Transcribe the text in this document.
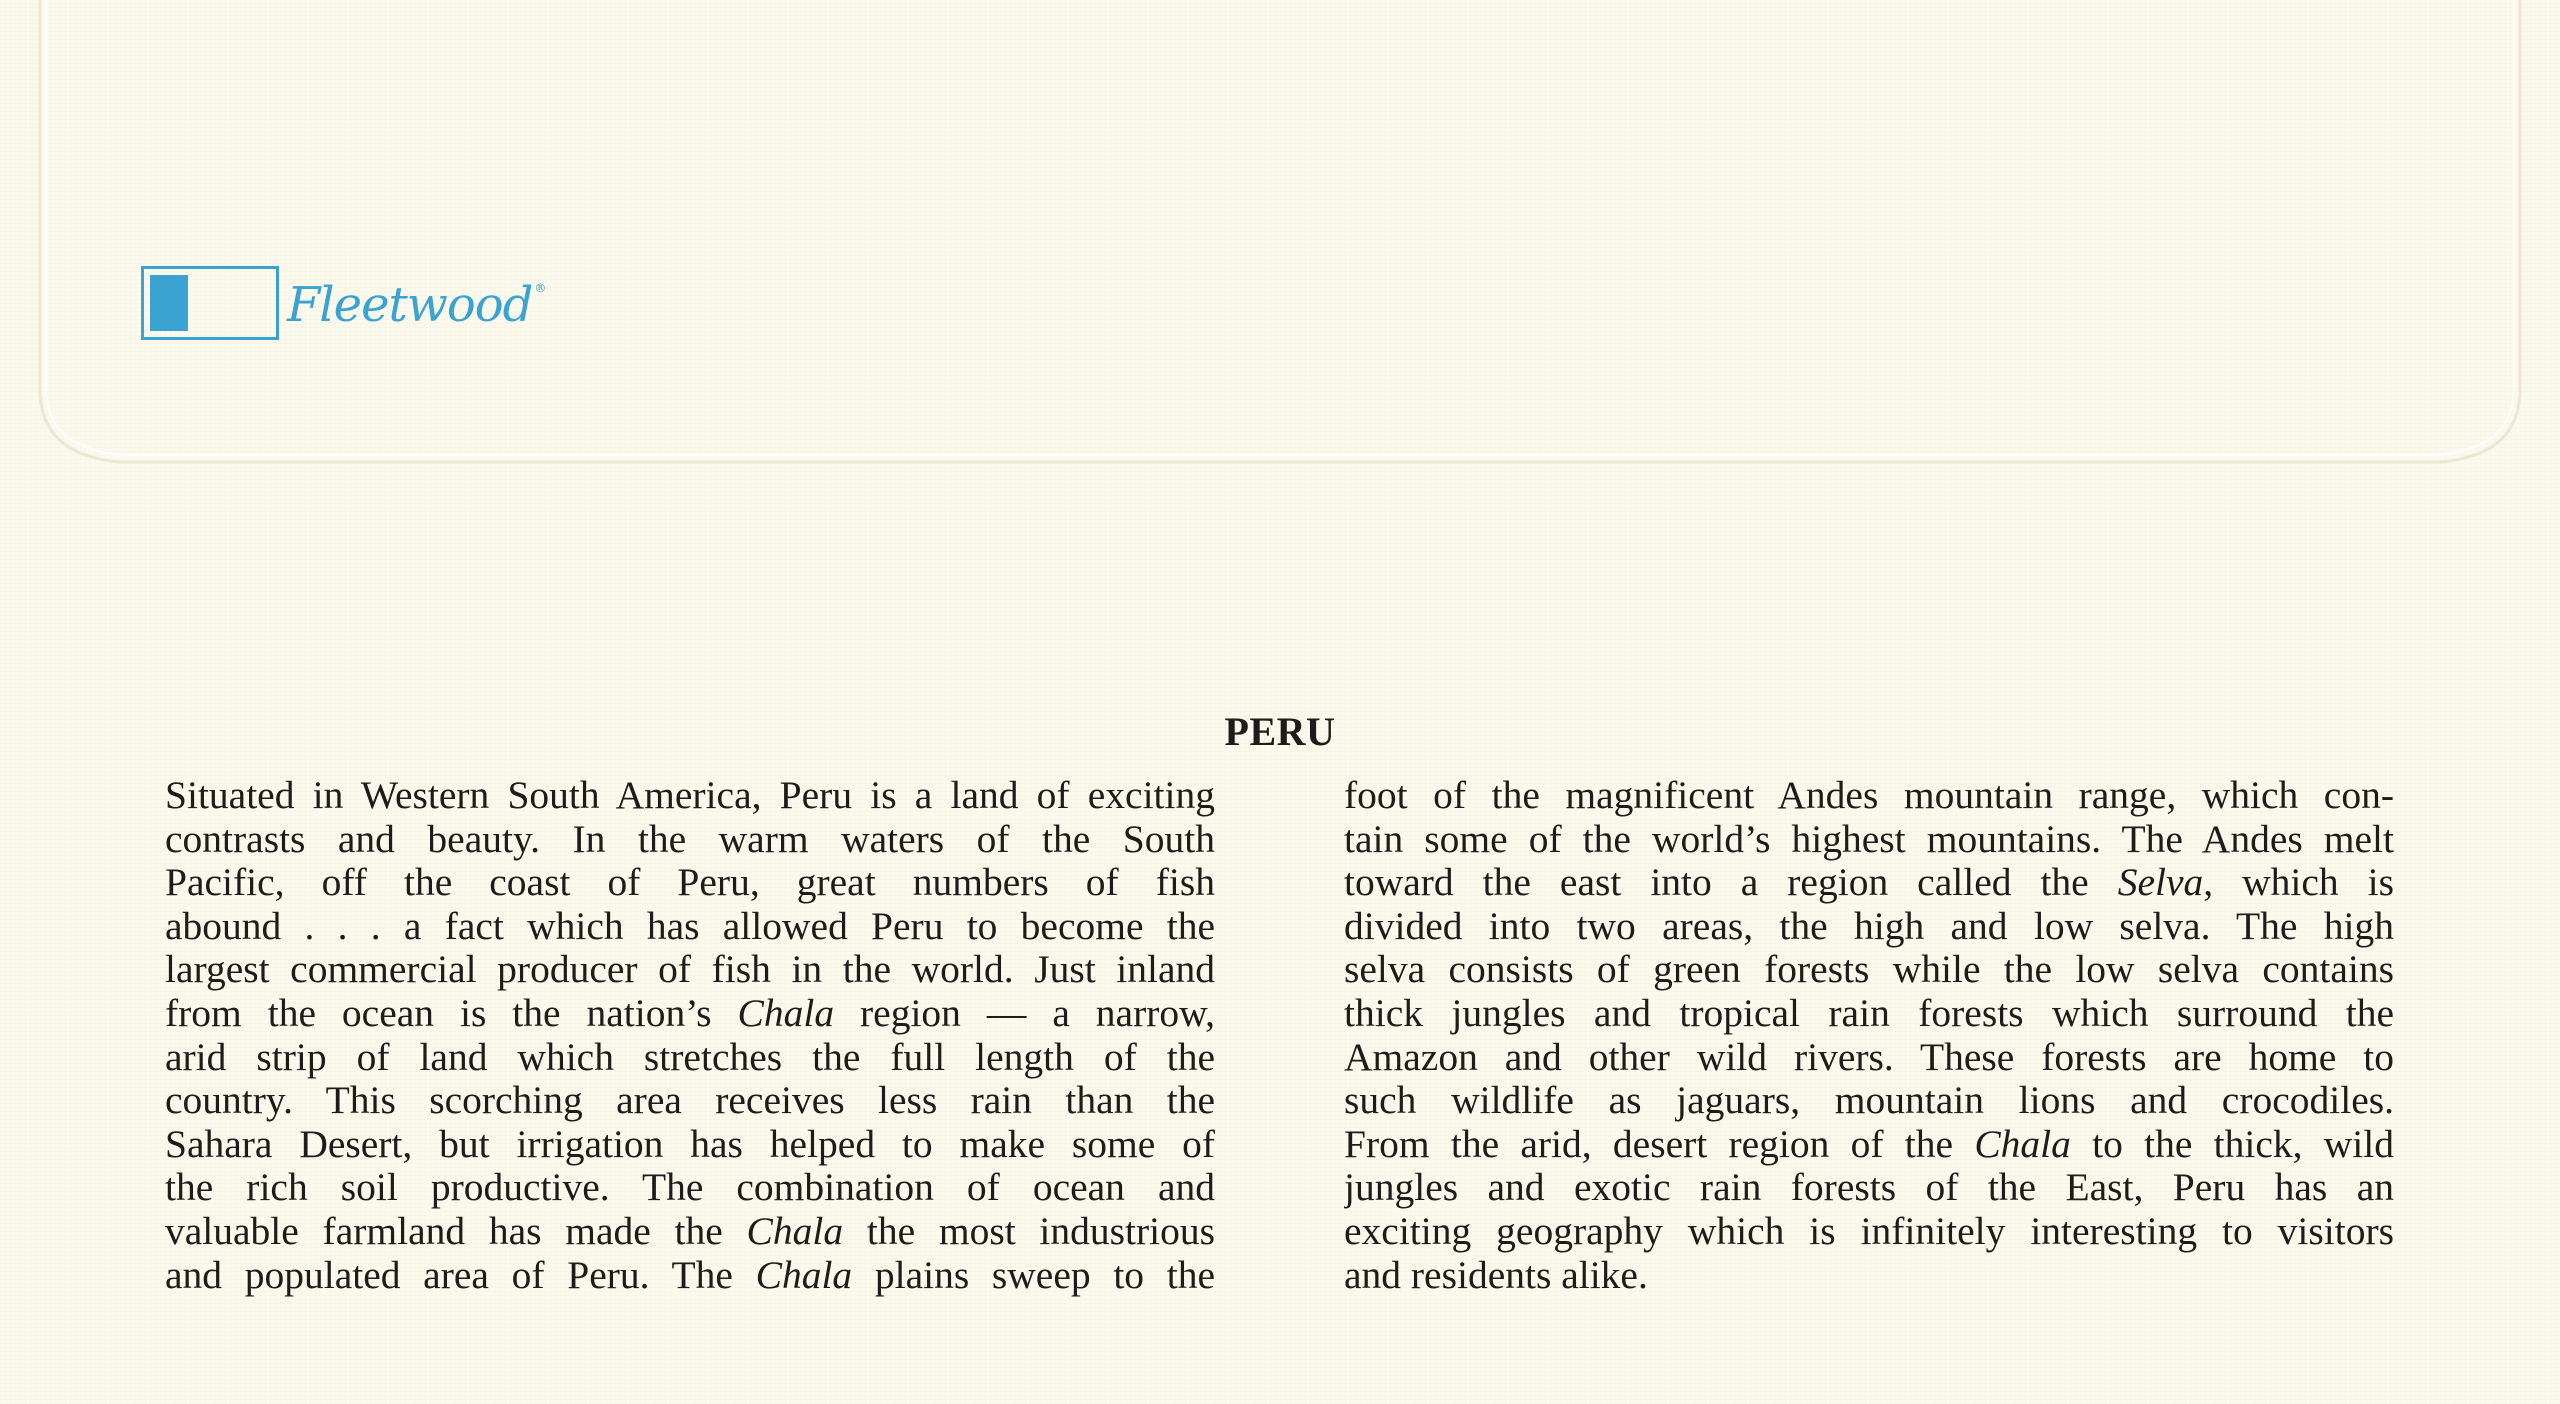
Fleetwood ®
PERU
Situated in Western South America, Peru is a land of exciting
contrasts and beauty. In the warm waters of the South
Pacific, off the coast of Peru, great numbers of fish
abound . . . a fact which has allowed Peru to become the
largest commercial producer of fish in the world. Just inland
from the ocean is the nation’s Chala region — a narrow,
arid strip of land which stretches the full length of the
country. This scorching area receives less rain than the
Sahara Desert, but irrigation has helped to make some of
the rich soil productive. The combination of ocean and
valuable farmland has made the Chala the most industrious
and populated area of Peru. The Chala plains sweep to the
foot of the magnificent Andes mountain range, which con-
tain some of the world’s highest mountains. The Andes melt
toward the east into a region called the Selva, which is
divided into two areas, the high and low selva. The high
selva consists of green forests while the low selva contains
thick jungles and tropical rain forests which surround the
Amazon and other wild rivers. These forests are home to
such wildlife as jaguars, mountain lions and crocodiles.
From the arid, desert region of the Chala to the thick, wild
jungles and exotic rain forests of the East, Peru has an
exciting geography which is infinitely interesting to visitors
and residents alike.
